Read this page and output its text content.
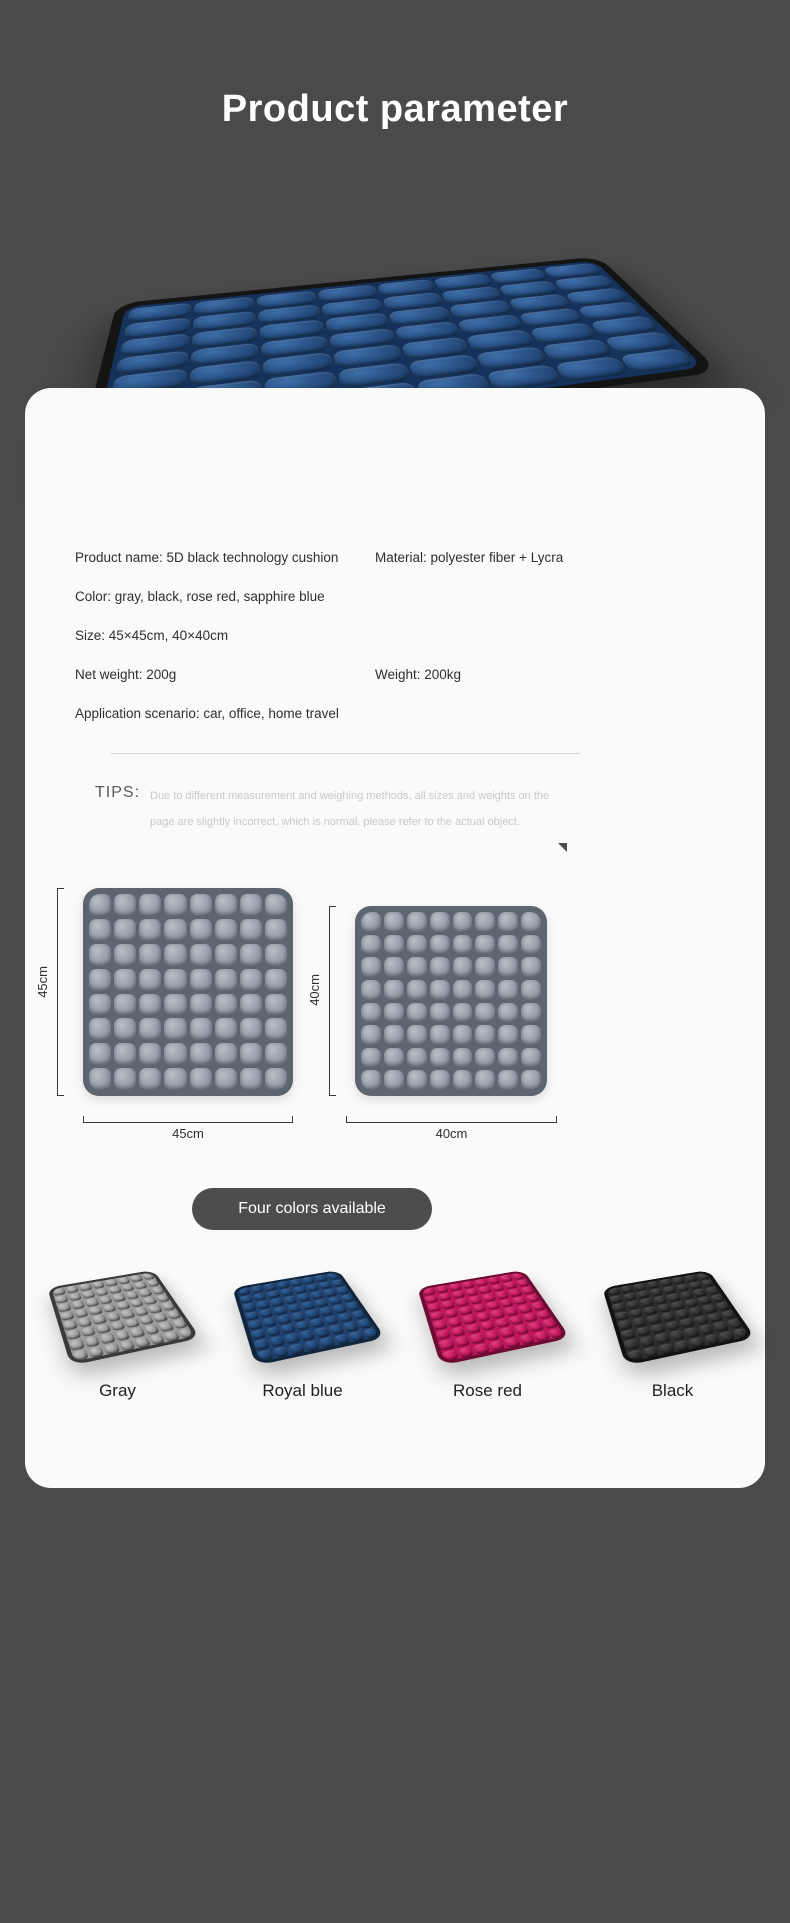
Product parameter
Product name: 5D black technology cushion	Material: polyester fiber + Lycra
Color: gray, black, rose red, sapphire blue
Size: 45×45cm, 40×40cm
Net weight: 200g	Weight: 200kg
Application scenario: car, office, home travel
TIPS: Due to different measurement and weighing methods, all sizes and weights on the
page are slightly incorrect, which is normal, please refer to the actual object.
45cm
45cm
40cm
40cm
Four colors available
Gray	Royal blue	Rose red	Black
